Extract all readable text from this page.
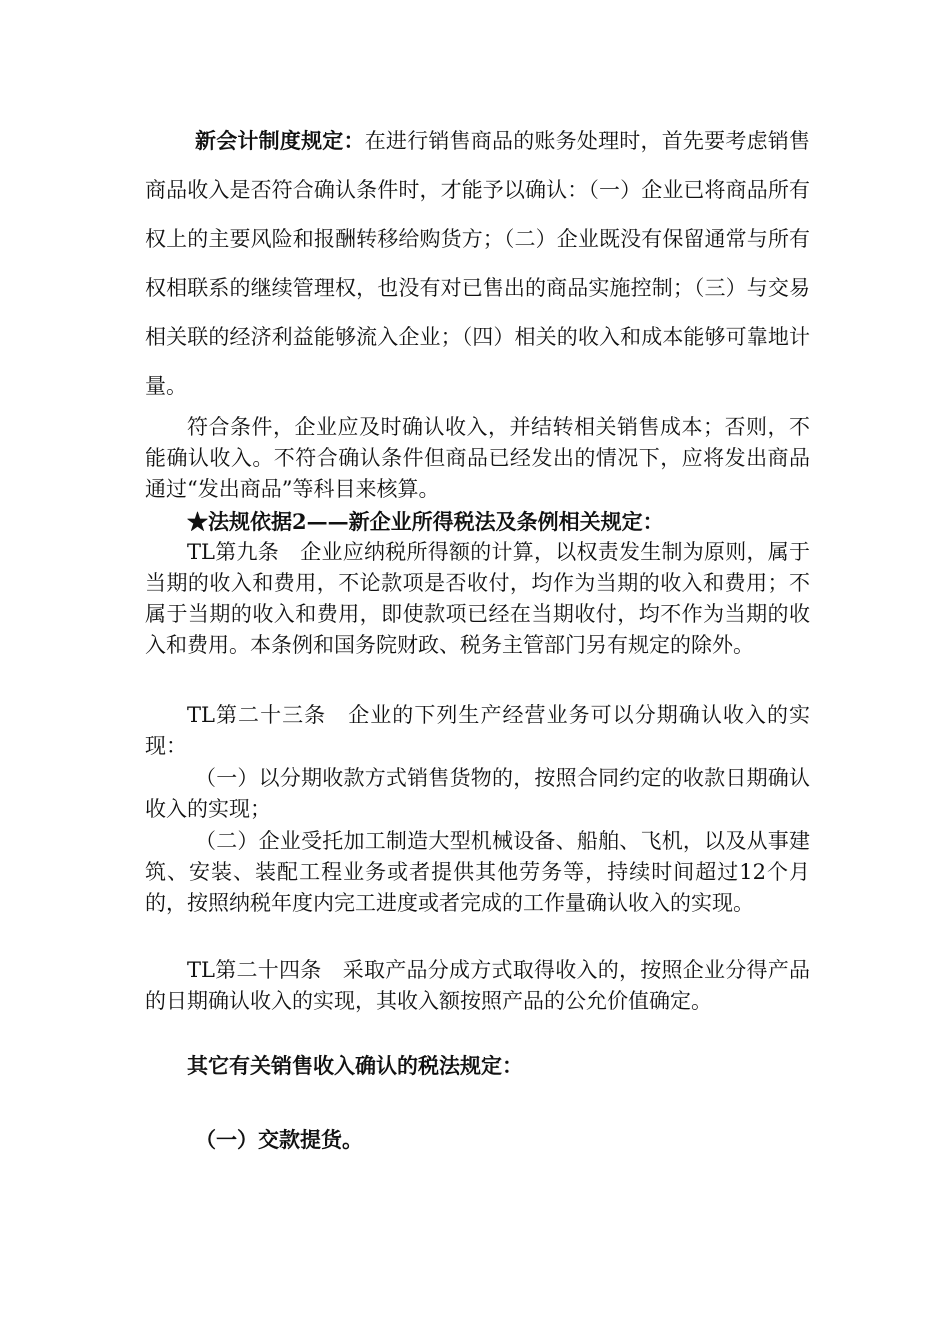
新会计制度规定：在进行销售商品的账务处理时，首先要考虑销售商品收入是否符合确认条件时，才能予以确认：（一）企业已将商品所有权上的主要风险和报酬转移给购货方；（二）企业既没有保留通常与所有权相联系的继续管理权，也没有对已售出的商品实施控制；（三）与交易相关联的经济利益能够流入企业；（四）相关的收入和成本能够可靠地计量。

符合条件，企业应及时确认收入，并结转相关销售成本；否则，不能确认收入。不符合确认条件但商品已经发出的情况下，应将发出商品通过“发出商品”等科目来核算。

★法规依据2——新企业所得税法及条例相关规定：

TL第九条　企业应纳税所得额的计算，以权责发生制为原则，属于当期的收入和费用，不论款项是否收付，均作为当期的收入和费用；不属于当期的收入和费用，即使款项已经在当期收付，均不作为当期的收入和费用。本条例和国务院财政、税务主管部门另有规定的除外。

TL第二十三条　企业的下列生产经营业务可以分期确认收入的实现：

（一）以分期收款方式销售货物的，按照合同约定的收款日期确认收入的实现；

（二）企业受托加工制造大型机械设备、船舶、飞机，以及从事建筑、安装、装配工程业务或者提供其他劳务等，持续时间超过12个月的，按照纳税年度内完工进度或者完成的工作量确认收入的实现。

TL第二十四条　采取产品分成方式取得收入的，按照企业分得产品的日期确认收入的实现，其收入额按照产品的公允价值确定。

其它有关销售收入确认的税法规定：

（一）交款提货。
